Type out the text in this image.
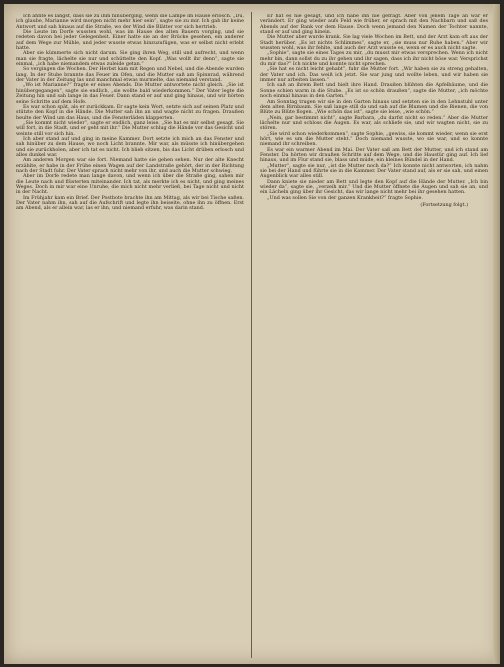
Ich ahnte es längst, dass sie zu ihm hinüberging, wenn die Lampe im Hause erlosch. „Du, ich glaube, Marianne wird morgen nicht mehr hier sein“, sagte sie zu mir. Ich gab ihr keine Antwort und sah hinaus auf die Straße, wo der Wind die Blätter vor sich hertrieb.

Die Leute im Dorfe wussten wohl, was im Hause des alten Bauern vorging, und sie redeten davon bei jeder Gelegenheit. Einer hatte sie an der Brücke gesehen, ein anderer auf dem Wege zur Mühle, und jeder wusste etwas hinzuzufügen, was er selbst nicht erlebt hatte.

Aber sie kümmerte sich nicht darum. Sie ging ihren Weg, still und aufrecht, und wenn man sie fragte, lächelte sie nur und schüttelte den Kopf. „Was wollt ihr denn“, sagte sie einmal, „ich habe niemandem etwas zuleide getan.“

So vergingen die Wochen. Der Herbst kam mit Regen und Nebel, und die Abende wurden lang. In der Stube brannte das Feuer im Ofen, und die Mutter saß am Spinnrad, während der Vater in der Zeitung las und manchmal etwas murmelte, das niemand verstand.

„Wo ist Marianne?“ fragte er eines Abends. Die Mutter antwortete nicht gleich. „Sie ist hinübergegangen“, sagte sie endlich, „sie wollte bald wiederkommen.“ Der Vater legte die Zeitung hin und sah lange in das Feuer. Dann stand er auf und ging hinaus, und wir hörten seine Schritte auf dem Hofe.

Es war schon spät, als er zurückkam. Er sagte kein Wort, setzte sich auf seinen Platz und stützte den Kopf in die Hände. Die Mutter sah ihn an und wagte nicht zu fragen. Draußen heulte der Wind um das Haus, und die Fensterläden klapperten.

„Sie kommt nicht wieder“, sagte er endlich, ganz leise. „Sie hat es mir selbst gesagt. Sie will fort, in die Stadt, und er geht mit ihr.“ Die Mutter schlug die Hände vor das Gesicht und weinte still vor sich hin.

Ich aber stand auf und ging in meine Kammer. Dort setzte ich mich an das Fenster und sah hinüber zu dem Hause, wo noch Licht brannte. Mir war, als müsste ich hinübergehen und sie zurückholen, aber ich tat es nicht. Ich blieb sitzen, bis das Licht drüben erlosch und alles dunkel war.

Am anderen Morgen war sie fort. Niemand hatte sie gehen sehen. Nur der alte Knecht erzählte, er habe in der Frühe einen Wagen auf der Landstraße gehört, der in der Richtung nach der Stadt fuhr. Der Vater sprach nicht mehr von ihr, und auch die Mutter schwieg.

Aber im Dorfe redete man lange davon, und wenn ich über die Straße ging, sahen mir die Leute nach und flüsterten miteinander. Ich tat, als merkte ich es nicht, und ging meines Weges. Doch in mir war eine Unruhe, die mich nicht mehr verließ, bei Tage nicht und nicht in der Nacht.

Im Frühjahr kam ein Brief. Der Postbote brachte ihn am Mittag, als wir bei Tische saßen. Der Vater nahm ihn, sah auf die Aufschrift und legte ihn beiseite, ohne ihn zu öffnen. Erst am Abend, als er allein war, las er ihn, und niemand erfuhr, was darin stand.

Er hat es nie gesagt, und ich habe ihn nie gefragt. Aber von jenem Tage an war er verändert. Er ging wieder aufs Feld wie früher, er sprach mit den Nachbarn und saß des Abends auf der Bank vor dem Hause. Doch wenn jemand den Namen der Tochter nannte, stand er auf und ging hinein.

Die Mutter aber wurde krank. Sie lag viele Wochen im Bett, und der Arzt kam oft aus der Stadt herüber. „Es ist nichts Schlimmes“, sagte er, „sie muss nur Ruhe haben.“ Aber wir wussten wohl, was ihr fehlte, und auch der Arzt wusste es, wenn er es auch nicht sagte.

„Sophie“, sagte sie eines Tages zu mir, „du musst mir etwas versprechen. Wenn ich nicht mehr bin, dann sollst du zu ihr gehen und ihr sagen, dass ich ihr nicht böse war. Versprichst du mir das?“ Ich nickte und konnte nicht sprechen.

„Sie hat es nicht leicht gehabt“, fuhr die Mutter fort. „Wir haben sie zu streng gehalten, der Vater und ich. Das weiß ich jetzt. Sie war jung und wollte leben, und wir haben sie immer nur arbeiten lassen.“

Ich saß an ihrem Bett und hielt ihre Hand. Draußen blühten die Apfelbäume, und die Sonne schien warm in die Stube. „Es ist so schön draußen“, sagte die Mutter, „ich möchte noch einmal hinaus in den Garten.“

Am Sonntag trugen wir sie in den Garten hinaus und setzten sie in den Lehnstuhl unter dem alten Birnbaum. Sie saß lange still da und sah auf die Blumen und die Bienen, die von Blüte zu Blüte flogen. „Wie schön das ist“, sagte sie leise, „wie schön.“

„Nein, gar bestimmt nicht“, sagte Barbara, „du darfst nicht so reden.“ Aber die Mutter lächelte nur und schloss die Augen. Es war, als schliefe sie, und wir wagten nicht, sie zu stören.

„Sie wird schon wiederkommen“, sagte Sophie, „gewiss, sie kommt wieder, wenn sie erst hört, wie es um die Mutter steht.“ Doch niemand wusste, wo sie war, und so konnte niemand ihr schreiben.

Es war ein warmer Abend im Mai. Der Vater saß am Bett der Mutter, und ich stand am Fenster. Da hörten wir draußen Schritte auf dem Wege, und die Haustür ging auf. Ich lief hinaus, und im Flur stand sie, blass und müde, ein kleines Bündel in der Hand.

„Mutter“, sagte sie nur, „ist die Mutter noch da?“ Ich konnte nicht antworten, ich nahm sie bei der Hand und führte sie in die Kammer. Der Vater stand auf, als er sie sah, und einen Augenblick war alles still.

Dann kniete sie nieder am Bett und legte den Kopf auf die Hände der Mutter. „Ich bin wieder da“, sagte sie, „verzeih mir.“ Und die Mutter öffnete die Augen und sah sie an, und ein Lächeln ging über ihr Gesicht, das wir lange nicht mehr bei ihr gesehen hatten.

„Und was sollen Sie von der ganzen Krankheit?“ fragte Sophie.

(Fortsetzung folgt.)
